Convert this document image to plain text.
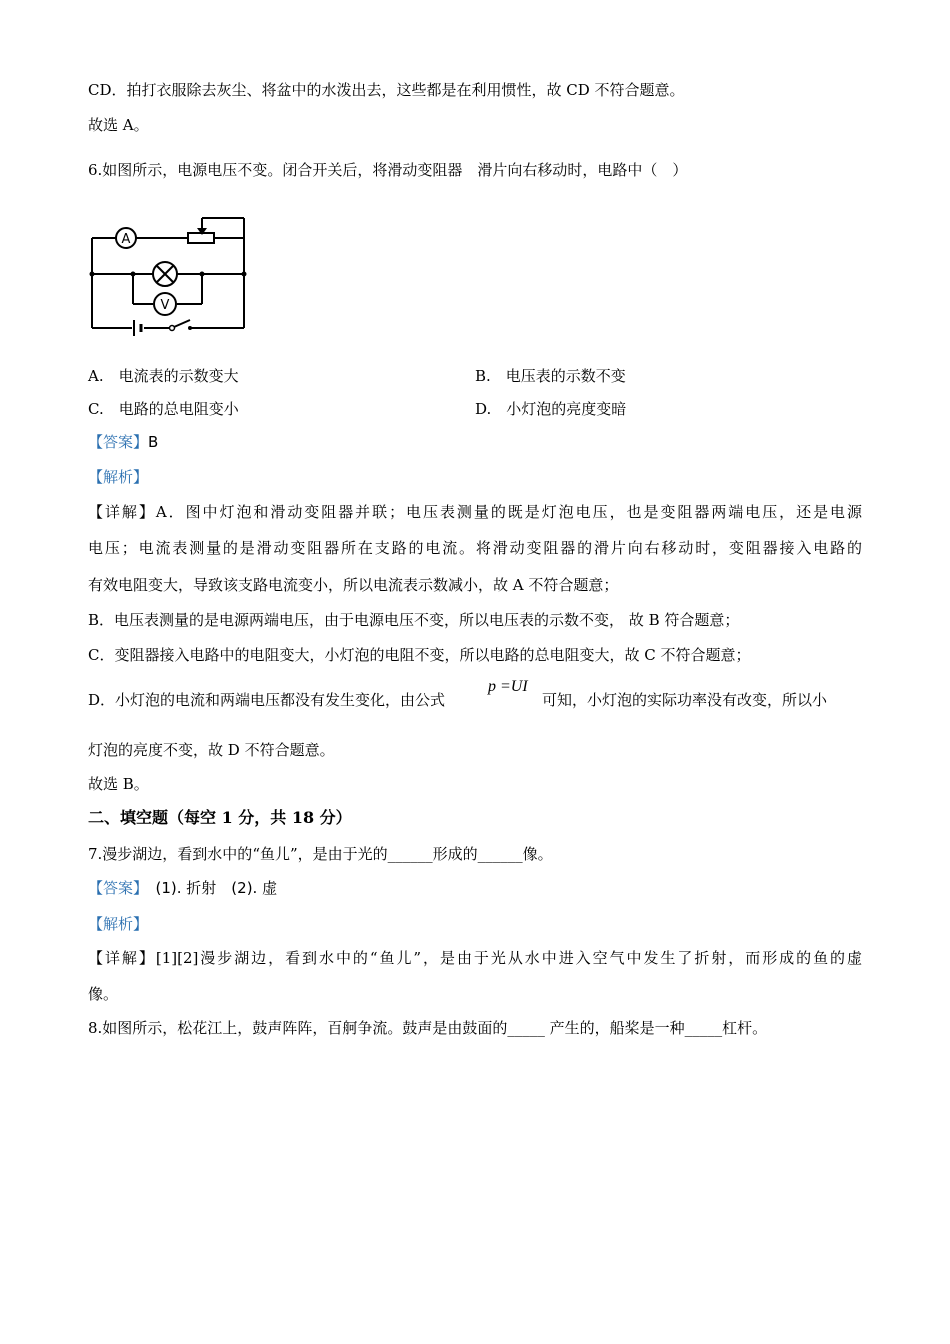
CD．拍打衣服除去灰尘、将盆中的水泼出去，这些都是在利用惯性，故 CD 不符合题意。
故选 A。
6.如图所示，电源电压不变。闭合开关后，将滑动变阻器　滑片向右移动时，电路中（　）
A
V
A.　电流表的示数变大	B.　电压表的示数不变
C.　电路的总电阻变小	D.　小灯泡的亮度变暗
【答案】B
【解析】
【详解】A．图中灯泡和滑动变阻器并联；电压表测量的既是灯泡电压，也是变阻器两端电压，还是电源
电压；电流表测量的是滑动变阻器所在支路的电流。将滑动变阻器的滑片向右移动时，变阻器接入电路的
有效电阻变大，导致该支路电流变小，所以电流表示数减小，故 A 不符合题意；
B．电压表测量的是电源两端电压，由于电源电压不变，所以电压表的示数不变， 故 B 符合题意；
C．变阻器接入电路中的电阻变大，小灯泡的电阻不变，所以电路的总电阻变大，故 C 不符合题意；
D．小灯泡的电流和两端电压都没有发生变化，由公式
p =UI
可知，小灯泡的实际功率没有改变，所以小
灯泡的亮度不变，故 D 不符合题意。
故选 B。
二、填空题（每空 1 分，共 18 分）
7.漫步湖边，看到水中的“鱼儿”，是由于光的______形成的______像。
【答案】　(1). 折射　(2). 虚
【解析】
【详解】[1][2]漫步湖边，看到水中的“鱼儿”，是由于光从水中进入空气中发生了折射，而形成的鱼的虚
像。
8.如图所示，松花江上，鼓声阵阵，百舸争流。鼓声是由鼓面的_____ 产生的，船桨是一种_____杠杆。
